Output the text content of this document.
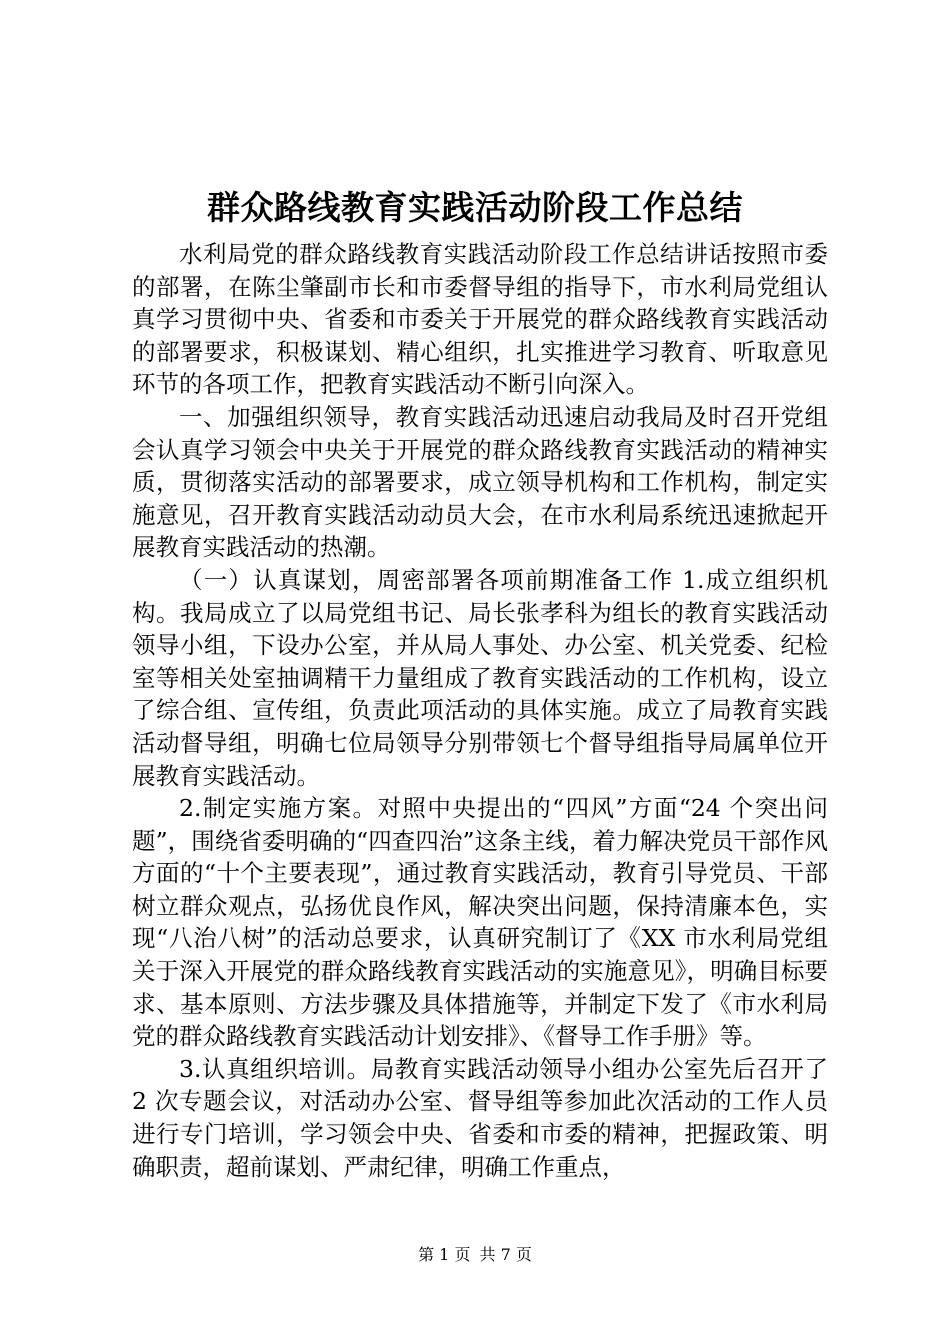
群众路线教育实践活动阶段工作总结

水利局党的群众路线教育实践活动阶段工作总结讲话按照市委的部署，在陈尘肇副市长和市委督导组的指导下，市水利局党组认真学习贯彻中央、省委和市委关于开展党的群众路线教育实践活动的部署要求，积极谋划、精心组织，扎实推进学习教育、听取意见环节的各项工作，把教育实践活动不断引向深入。

一、加强组织领导，教育实践活动迅速启动我局及时召开党组会认真学习领会中央关于开展党的群众路线教育实践活动的精神实质，贯彻落实活动的部署要求，成立领导机构和工作机构，制定实施意见，召开教育实践活动动员大会，在市水利局系统迅速掀起开展教育实践活动的热潮。

（一）认真谋划，周密部署各项前期准备工作 1.成立组织机构。我局成立了以局党组书记、局长张孝科为组长的教育实践活动领导小组，下设办公室，并从局人事处、办公室、机关党委、纪检室等相关处室抽调精干力量组成了教育实践活动的工作机构，设立了综合组、宣传组，负责此项活动的具体实施。成立了局教育实践活动督导组，明确七位局领导分别带领七个督导组指导局属单位开展教育实践活动。

2.制定实施方案。对照中央提出的“四风”方面“24 个突出问题”，围绕省委明确的“四查四治”这条主线，着力解决党员干部作风方面的“十个主要表现”，通过教育实践活动，教育引导党员、干部树立群众观点，弘扬优良作风，解决突出问题，保持清廉本色，实现“八治八树”的活动总要求，认真研究制订了《XX 市水利局党组关于深入开展党的群众路线教育实践活动的实施意见》，明确目标要求、基本原则、方法步骤及具体措施等，并制定下发了《市水利局党的群众路线教育实践活动计划安排》、《督导工作手册》等。

3.认真组织培训。局教育实践活动领导小组办公室先后召开了 2 次专题会议，对活动办公室、督导组等参加此次活动的工作人员进行专门培训，学习领会中央、省委和市委的精神，把握政策、明确职责，超前谋划、严肃纪律，明确工作重点，

第 1 页 共 7 页
